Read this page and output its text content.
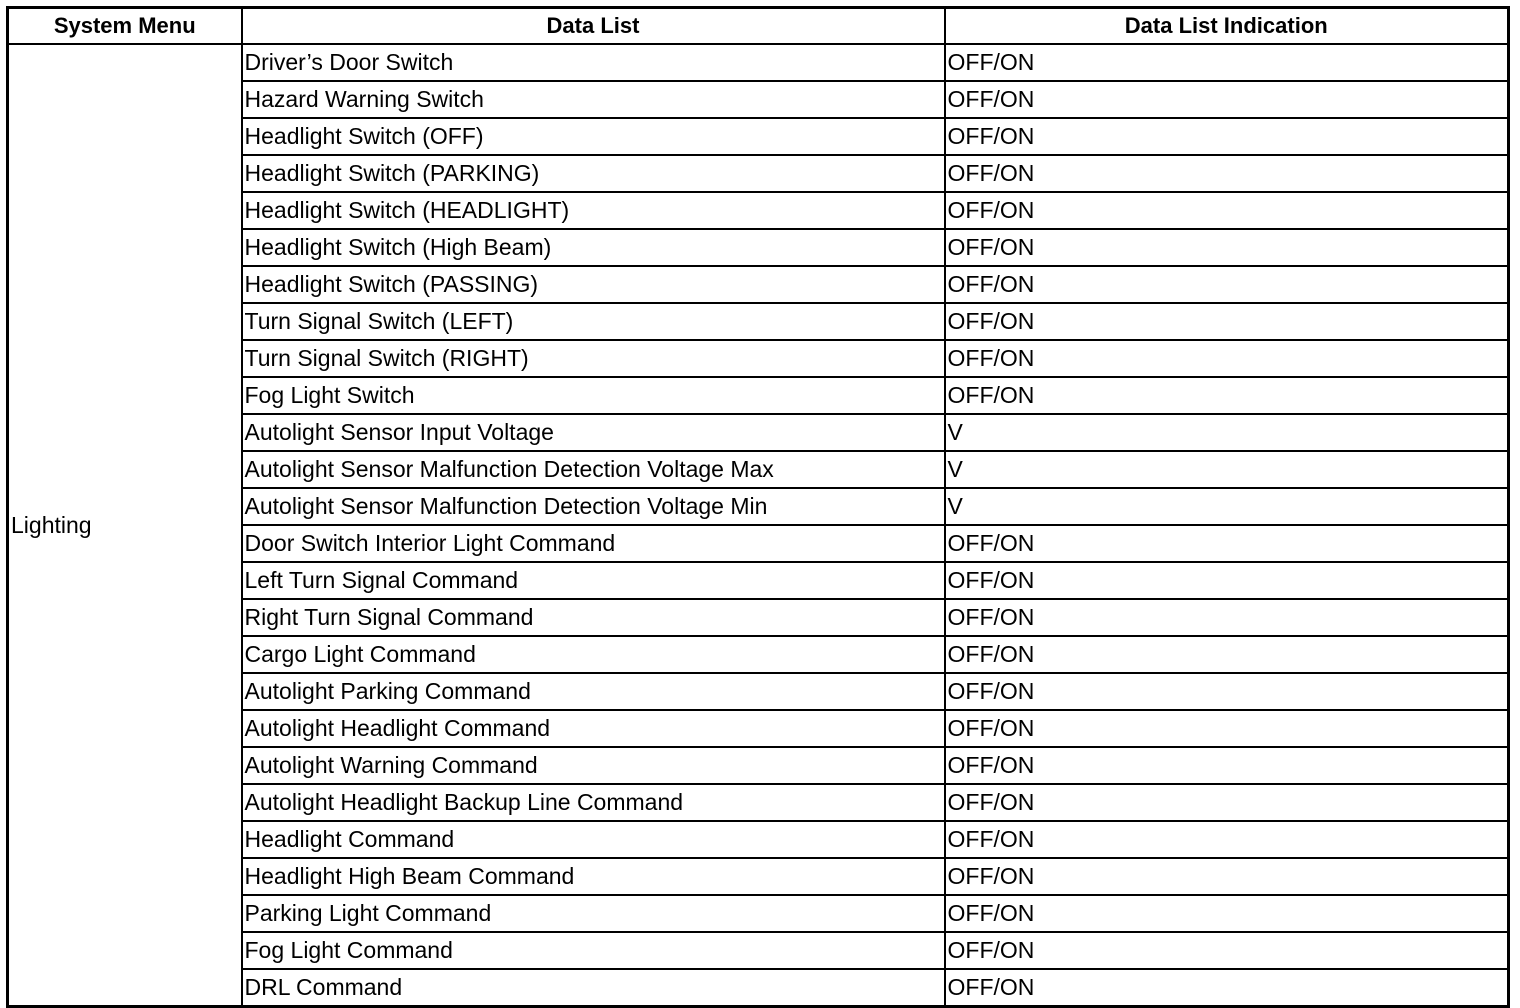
System Menu	Data List	Data List Indication
Lighting	Driver’s Door Switch	OFF/ON
	Hazard Warning Switch	OFF/ON
	Headlight Switch (OFF)	OFF/ON
	Headlight Switch (PARKING)	OFF/ON
	Headlight Switch (HEADLIGHT)	OFF/ON
	Headlight Switch (High Beam)	OFF/ON
	Headlight Switch (PASSING)	OFF/ON
	Turn Signal Switch (LEFT)	OFF/ON
	Turn Signal Switch (RIGHT)	OFF/ON
	Fog Light Switch	OFF/ON
	Autolight Sensor Input Voltage	V
	Autolight Sensor Malfunction Detection Voltage Max	V
	Autolight Sensor Malfunction Detection Voltage Min	V
	Door Switch Interior Light Command	OFF/ON
	Left Turn Signal Command	OFF/ON
	Right Turn Signal Command	OFF/ON
	Cargo Light Command	OFF/ON
	Autolight Parking Command	OFF/ON
	Autolight Headlight Command	OFF/ON
	Autolight Warning Command	OFF/ON
	Autolight Headlight Backup Line Command	OFF/ON
	Headlight Command	OFF/ON
	Headlight High Beam Command	OFF/ON
	Parking Light Command	OFF/ON
	Fog Light Command	OFF/ON
	DRL Command	OFF/ON
